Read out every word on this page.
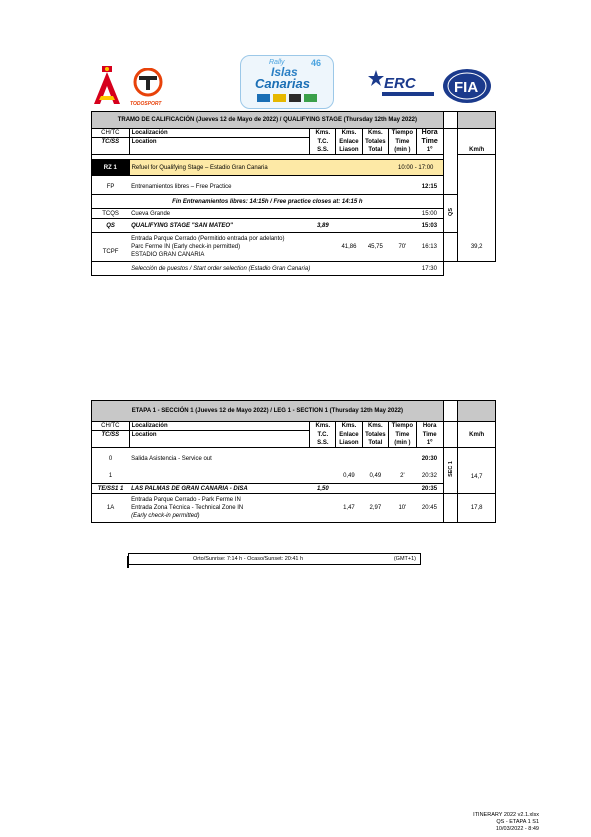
TODOSPORT
Rally
Islas
Canarias
46
ERC	FIA
TRAMO DE CALIFICACIÓN (Jueves 12 de Mayo de 2022) / QUALIFYING STAGE (Thursday 12th May 2022)								
CH/TC	Localización	Kms.	Kms.	Kms.	Tiempo	Hora		
TC/SS	Location	T.C.	Enlace	Totales	Time	Time		
		S.S.	Liason	Total	(min )	1º		Km/h

RZ 1	Refuel for Qualifying Stage – Estadio Gran Canaria				10:00 - 17:00			

FP	Entrenamientos libres – Free Practice					12:15		
Fin Entrenamientos libres: 14:15h / Free practice closes at: 14:15 h							QS	
TCQS	Cueva Grande					15:00		
QS	QUALIFYING STAGE "SAN MATEO"	3,89				15:03		
TCPF	Entrada Parque Cerrado (Permitido entrada por adelanto)
Parc Ferme IN (Early check-in permitted)
ESTADIO GRAN CANARIA		41,86	45,75	70'	16:13		39,2
	Selección de puestos / Start order selection (Estadio Gran Canaria)					17:30		
ETAPA 1 - SECCIÓN 1 (Jueves 12 de Mayo 2022) / LEG 1 - SECTION 1 (Thursday 12th May 2022)								
CH/TC	Localización	Kms.	Kms.	Kms.	Tiempo	Hora		
TC/SS	Location	T.C.	Enlace	Totales	Time	Time		Km/h
		S.S.	Liason	Total	(min )	1º		
0	Salida Asistencia - Service out					20:30	SEC 1	
1			0,49	0,49	2'	20:32		14,7
TE/SS1 1	LAS PALMAS DE GRAN CANARIA - DISA	1,50				20:35		
1A	Entrada Parque Cerrado - Park Ferme IN
Entrada Zona Técnica - Technical Zone IN
(Early check-in permitted)		1,47	2,97	10'	20:45		17,8
Orto/Sunrise: 7:14 h - Ocaso/Sunset: 20:41 h	(GMT+1)
ITINERARY 2022 v2.1.xlsx
QS - ETAPA 1 S1
10/03/2022 - 8:49
